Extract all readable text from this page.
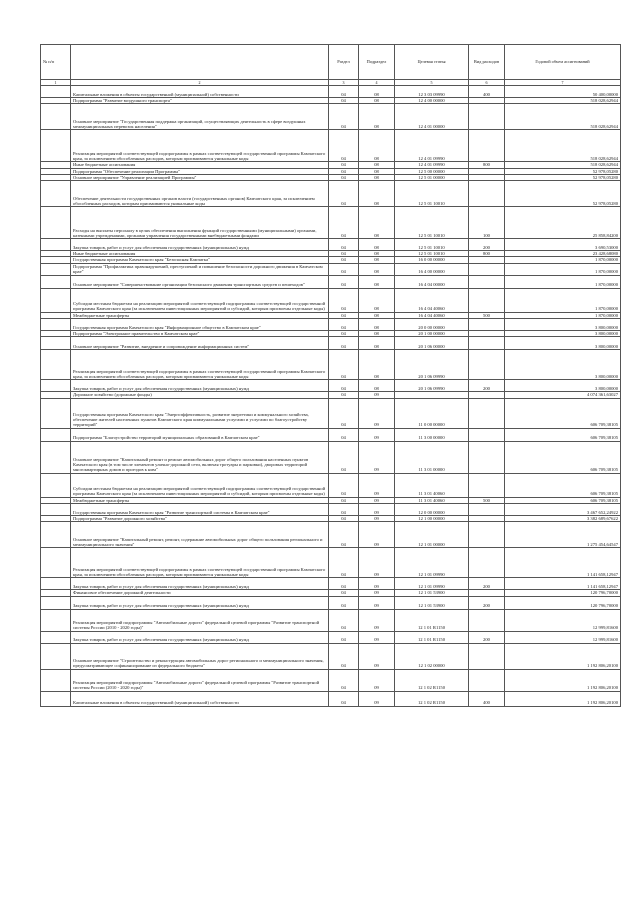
№ п/п		Раздел	Подраздел	Целевая статья	Вид расходов	Годовой объем ассигнований
1	2	3	4	5	6	7
	Капитальные вложения в объекты государственной (муниципальной) собственности	04	08	12 3 03 09990	400	50 400,00000
	Подпрограмма "Развитие воздушного транспорта"	04	08	12 4 00 00000		518 028,62944
	Основное мероприятие "Государственная поддержка организаций, осуществляющих деятельность в сфере воздушных межмуниципальных перевозок населения"	04	08	12 4 01 00000		518 028,62944
	Реализация мероприятий соответствующей подпрограммы в рамках соответствующей государственной программы Камчатского края, за исключением обособленных расходов, которым присваиваются уникальные коды	04	08	12 4 01 09990		518 028,62944
	Иные бюджетные ассигнования	04	08	12 4 01 09990	800	518 028,62944
	Подпрограмма "Обеспечение реализации Программы"	04	08	12 5 00 00000		52 978,05280
	Основное мероприятие "Управление реализацией Программы"	04	08	12 5 01 00000		52 978,05280
	Обеспечение деятельности государственных органов власти (государственных органов) Камчатского края, за исключением обособленных расходов, которым присваиваются уникальные коды	04	08	12 5 01 10010		52 978,05280
	Расходы на выплаты персоналу в целях обеспечения выполнения функций государственными (муниципальными) органами, казенными учреждениями, органами управления государственными внебюджетными фондами	04	08	12 5 01 10010	100	25 858,84200
	Закупка товаров, работ и услуг для обеспечения государственных (муниципальных) нужд	04	08	12 5 01 10010	200	3 690,53000
	Иные бюджетные ассигнования	04	08	12 5 01 10010	800	23 428,68080
	Государственная программа Камчатского края "Безопасная Камчатка"	04	08	16 0 00 00000		1 870,00000
	Подпрограмма "Профилактика правонарушений, преступлений и повышение безопасности дорожного движения в Камчатском крае"	04	08	16 4 00 00000		1 870,00000
	Основное мероприятие "Совершенствование организации безопасного движения транспортных средств и пешеходов"	04	08	16 4 04 00000		1 870,00000
	Субсидии местным бюджетам на реализацию мероприятий соответствующей подпрограммы соответствующей государственной программы Камчатского края (за исключением инвестиционных мероприятий и субсидий, которым присвоены отдельные коды)	04	08	16 4 04 40060		1 870,00000
	Межбюджетные трансферты	04	08	16 4 04 40060	500	1 870,00000
	Государственная программа Камчатского края "Информационное общество в Камчатском крае"	04	08	20 0 00 00000		3 800,00000
	Подпрограмма "Электронное правительство в Камчатском крае"	04	08	20 1 00 00000		3 800,00000
	Основное мероприятие "Развитие, внедрение и сопровождение информационных систем"	04	08	20 1 06 00000		3 800,00000
	Реализация мероприятий соответствующей подпрограммы в рамках соответствующей государственной программы Камчатского края, за исключением обособленных расходов, которым присваиваются уникальные коды	04	08	20 1 06 09990		3 800,00000
	Закупка товаров, работ и услуг для обеспечения государственных (муниципальных) нужд	04	08	20 1 06 09990	200	3 800,00000
	Дорожное хозяйство (дорожные фонды)	04	09			4 074 361,63027
	Государственная программа Камчатского края "Энергоэффективность, развитие энергетики и коммунального хозяйства, обеспечение жителей населенных пунктов Камчатского края коммунальными услугами и услугами по благоустройству территорий"	04	09	11 0 00 00000		606 709,38105
	Подпрограмма "Благоустройство территорий муниципальных образований в Камчатском крае"	04	09	11 3 00 00000		606 709,38105
	Основное мероприятие "Капитальный ремонт и ремонт автомобильных дорог общего пользования населенных пунктов Камчатского края (в том числе элементов улично-дорожной сети, включая тротуары и парковки), дворовых территорий многоквартирных домов и проездов к ним"	04	09	11 3 01 00000		606 709,38105
	Субсидии местным бюджетам на реализацию мероприятий соответствующей подпрограммы соответствующей государственной программы Камчатского края (за исключением инвестиционных мероприятий и субсидий, которым присвоены отдельные коды)	04	09	11 3 01 40060		606 709,38105
	Межбюджетные трансферты	04	09	11 3 01 40060	500	606 709,38105
	Государственная программа Камчатского края "Развитие транспортной системы в Камчатском крае"	04	09	12 0 00 00000		3 467 652,24922
	Подпрограмма "Развитие дорожного хозяйства"	04	09	12 1 00 00000		3 382 689,67622
	Основное мероприятие "Капитальный ремонт, ремонт, содержание автомобильных дорог общего пользования регионального и межмуниципального значения"	04	09	12 1 01 00000		1 275 454,64547
	Реализация мероприятий соответствующей подпрограммы в рамках соответствующей государственной программы Камчатского края, за исключением обособленных расходов, которым присваиваются уникальные коды	04	09	12 1 01 09990		1 141 658,12947
	Закупка товаров, работ и услуг для обеспечения государственных (муниципальных) нужд	04	09	12 1 01 09990	200	1 141 658,12947
	Финансовое обеспечение дорожной деятельности	04	09	12 1 01 53900		120 796,70000
	Закупка товаров, работ и услуг для обеспечения государственных (муниципальных) нужд	04	09	12 1 01 53900	200	120 796,70000
	Реализация мероприятий подпрограммы "Автомобильные дороги" федеральной целевой программы "Развитие транспортной системы России (2010 - 2020 годы)"	04	09	12 1 01 R1150		12 999,81600
	Закупка товаров, работ и услуг для обеспечения государственных (муниципальных) нужд	04	09	12 1 01 R1150	200	12 999,81600
	Основное мероприятие "Строительство и реконструкция автомобильных дорог регионального и межмуниципального значения, предусматривающее софинансирование из федерального бюджета"	04	09	12 1 02 00000		1 192 806,20100
	Реализация мероприятий подпрограммы "Автомобильные дороги" федеральной целевой программы "Развитие транспортной системы России (2010 - 2020 годы)"	04	09	12 1 02 R1150		1 192 806,20100
	Капитальные вложения в объекты государственной (муниципальной) собственности	04	09	12 1 02 R1150	400	1 192 806,20100
